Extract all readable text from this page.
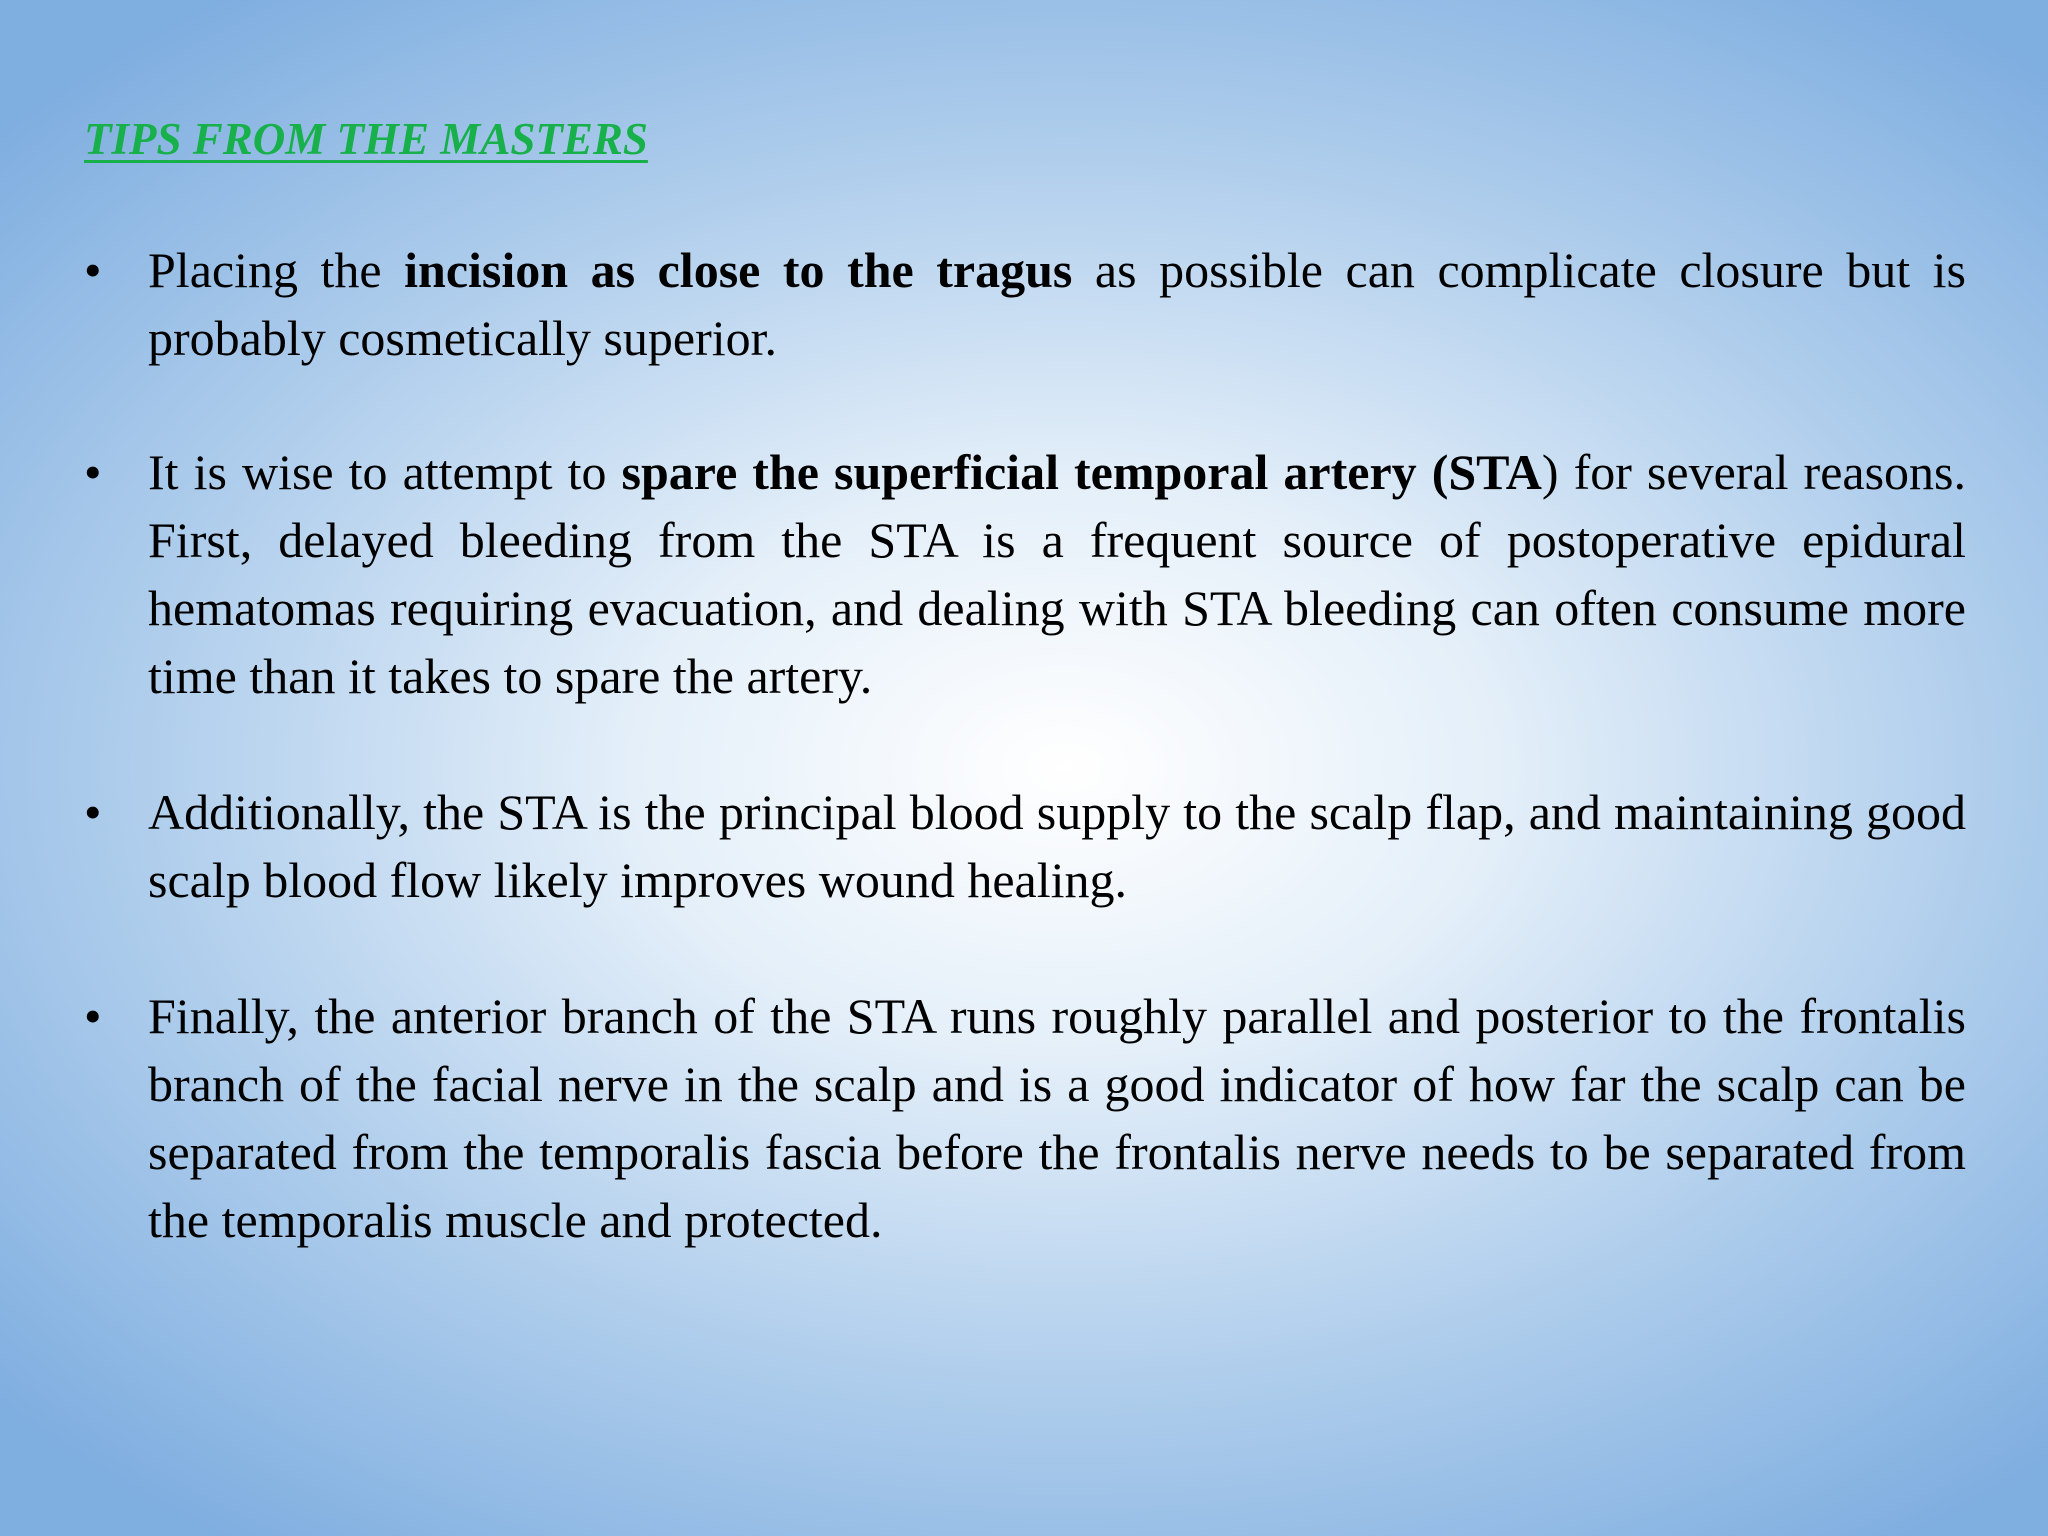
TIPS FROM THE MASTERS
• Placing the incision as close to the tragus as possible can complicate closure but is probably cosmetically superior.
• It is wise to attempt to spare the superficial temporal artery (STA) for several reasons. First, delayed bleeding from the STA is a frequent source of postoperative epidural hematomas requiring evacuation, and dealing with STA bleeding can often consume more time than it takes to spare the artery.
• Additionally, the STA is the principal blood supply to the scalp flap, and maintaining good scalp blood flow likely improves wound healing.
• Finally, the anterior branch of the STA runs roughly parallel and posterior to the frontalis branch of the facial nerve in the scalp and is a good indicator of how far the scalp can be separated from the temporalis fascia before the frontalis nerve needs to be separated from the temporalis muscle and protected.
